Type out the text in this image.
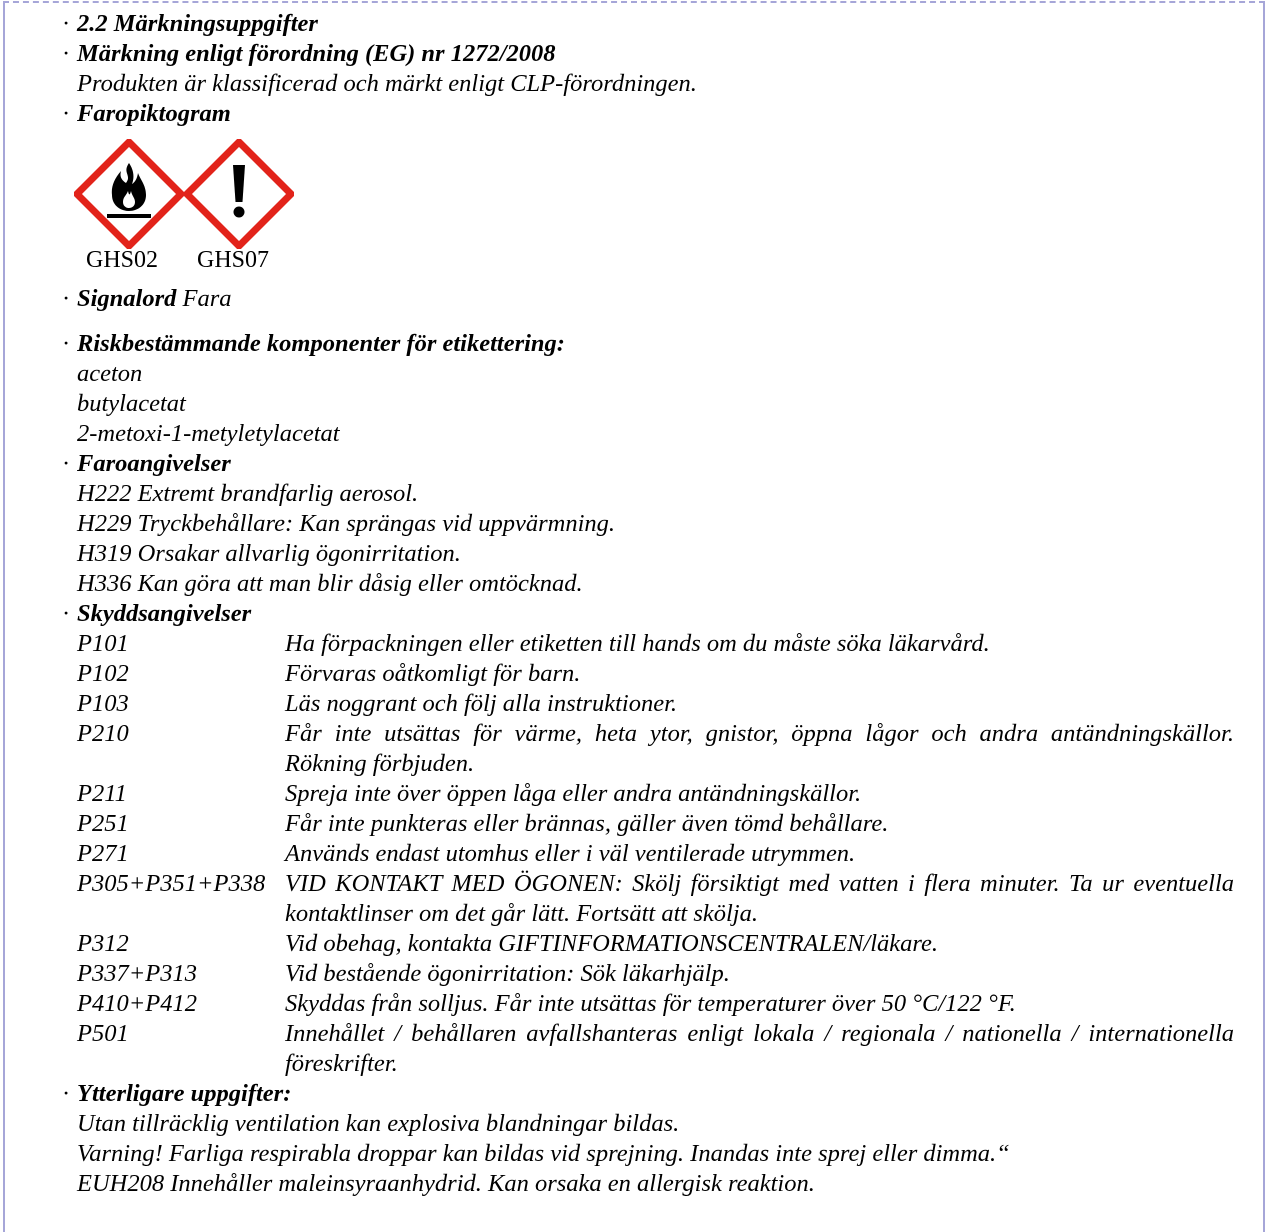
· 2.2 Märkningsuppgifter
· Märkning enligt förordning (EG) nr 1272/2008
Produkten är klassificerad och märkt enligt CLP-förordningen.
· Faropiktogram
GHS02 GHS07
· Signalord Fara
· Riskbestämmande komponenter för etikettering:
aceton
butylacetat
2-metoxi-1-metyletylacetat
· Faroangivelser
H222 Extremt brandfarlig aerosol.
H229 Tryckbehållare: Kan sprängas vid uppvärmning.
H319 Orsakar allvarlig ögonirritation.
H336 Kan göra att man blir dåsig eller omtöcknad.
· Skyddsangivelser
P101	Ha förpackningen eller etiketten till hands om du måste söka läkarvård.
P102	Förvaras oåtkomligt för barn.
P103	Läs noggrant och följ alla instruktioner.
P210	Får inte utsättas för värme, heta ytor, gnistor, öppna lågor och andra antändningskällor. Rökning förbjuden.
P211	Spreja inte över öppen låga eller andra antändningskällor.
P251	Får inte punkteras eller brännas, gäller även tömd behållare.
P271	Används endast utomhus eller i väl ventilerade utrymmen.
P305+P351+P338 VID KONTAKT MED ÖGONEN: Skölj försiktigt med vatten i flera minuter. Ta ur eventuella kontaktlinser om det går lätt. Fortsätt att skölja.
P312	Vid obehag, kontakta GIFTINFORMATIONSCENTRALEN/läkare.
P337+P313	Vid bestående ögonirritation: Sök läkarhjälp.
P410+P412	Skyddas från solljus. Får inte utsättas för temperaturer över 50 °C/122 °F.
P501	Innehållet / behållaren avfallshanteras enligt lokala / regionala / nationella / internationella föreskrifter.
· Ytterligare uppgifter:
Utan tillräcklig ventilation kan explosiva blandningar bildas.
Varning! Farliga respirabla droppar kan bildas vid sprejning. Inandas inte sprej eller dimma.“
EUH208 Innehåller maleinsyraanhydrid. Kan orsaka en allergisk reaktion.
